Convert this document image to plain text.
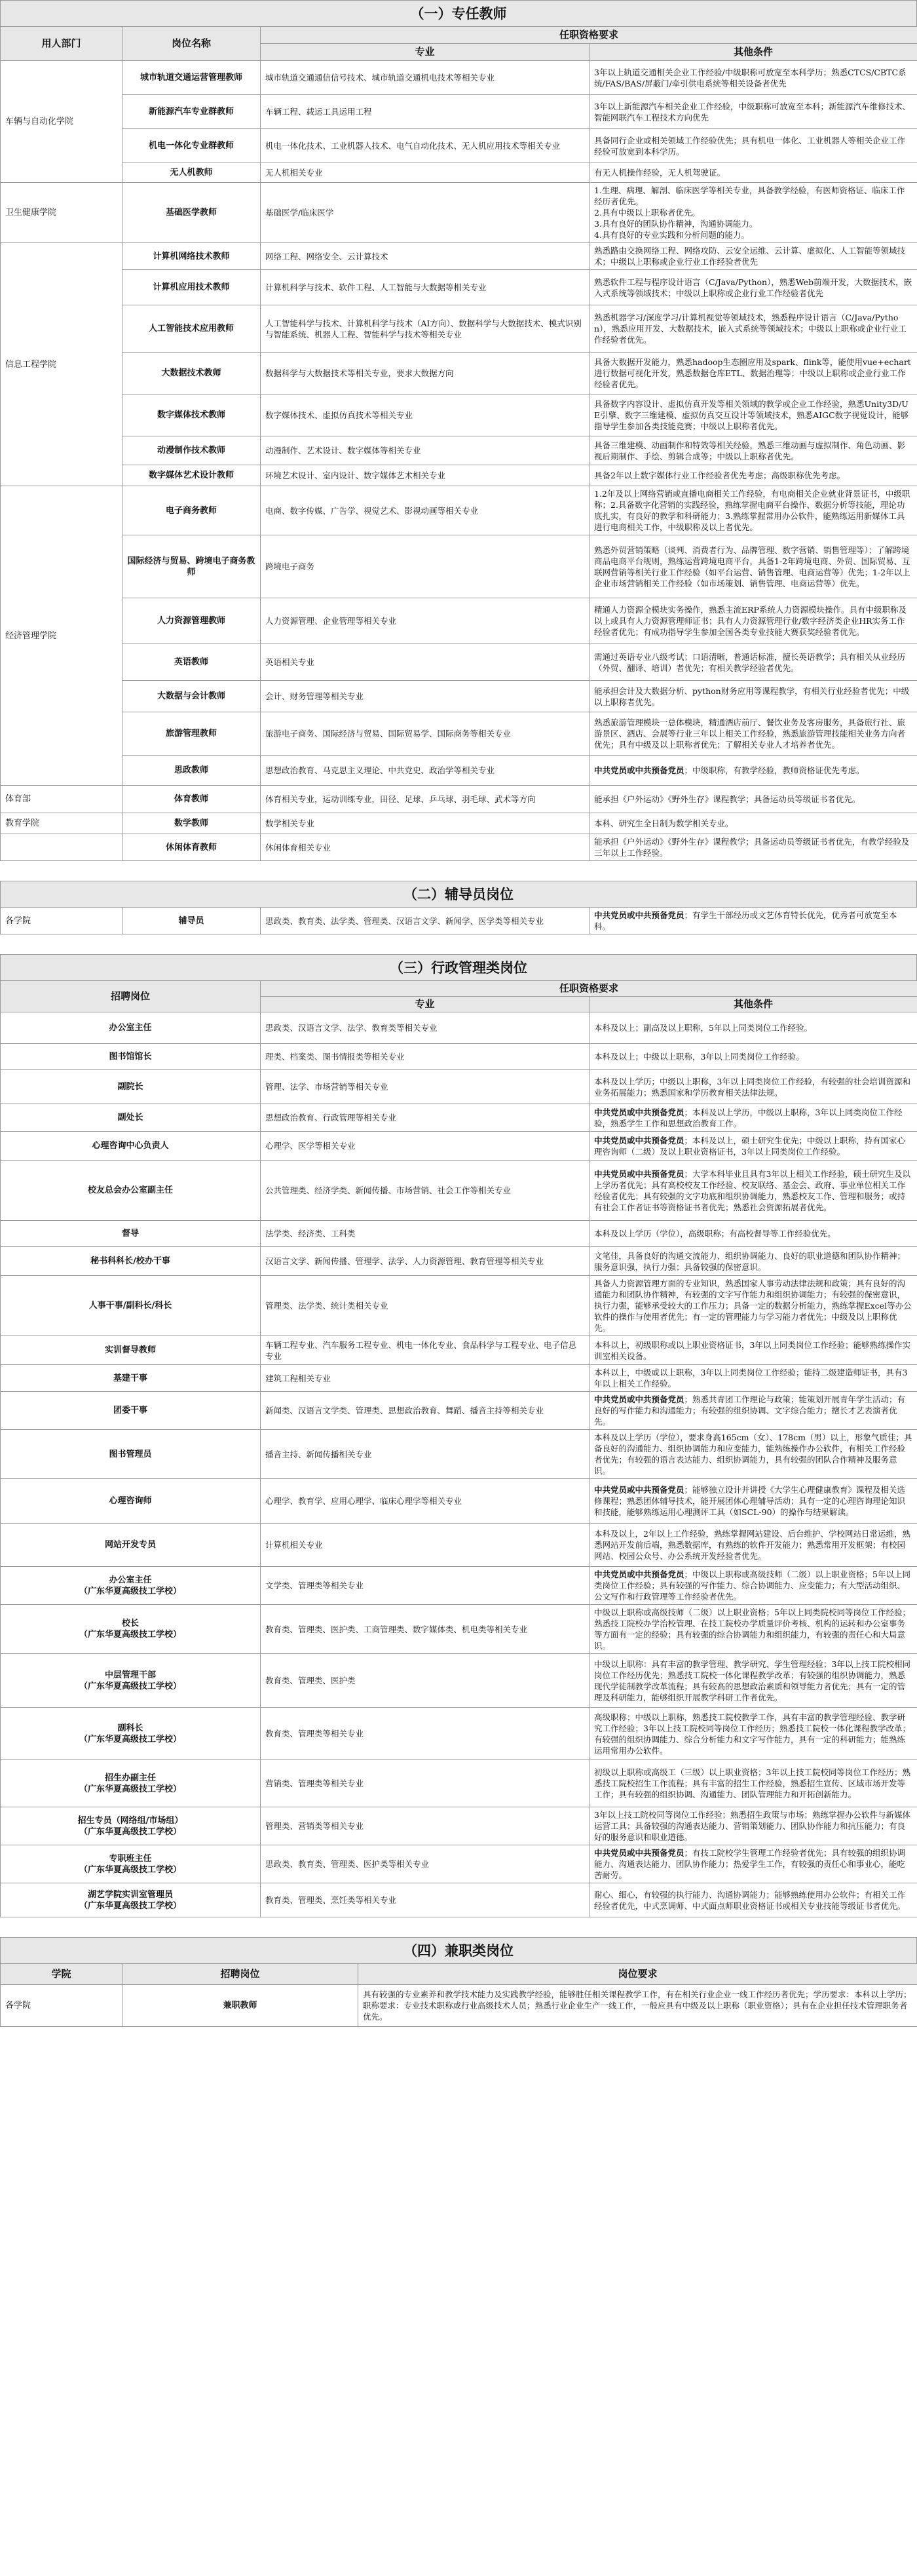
（一）专任教师
用人部门	岗位名称	任职资格要求	
		专业	其他条件
车辆与自动化学院	城市轨道交通运营管理教师	城市轨道交通通信信号技术、城市轨道交通机电技术等相关专业	3年以上轨道交通相关企业工作经验/中级职称可放宽至本科学历；熟悉CTCS/CBTC系统/FAS/BAS/屏蔽门/牵引供电系统等相关设备者优先
	新能源汽车专业群教师	车辆工程、载运工具运用工程	3年以上新能源汽车相关企业工作经验，中级职称可放宽至本科；新能源汽车维修技术、智能网联汽车工程技术方向优先
	机电一体化专业群教师	机电一体化技术、工业机器人技术、电气自动化技术、无人机应用技术等相关专业	具备同行企业或相关领域工作经验优先；具有机电一体化、工业机器人等相关企业工作经验可放宽到本科学历。
	无人机教师	无人机相关专业	有无人机操作经验，无人机驾驶证。
卫生健康学院	基础医学教师	基础医学/临床医学	1.生理、病理、解剖、临床医学等相关专业，具备教学经验，有医师资格证、临床工作经历者优先。
2.具有中级以上职称者优先。
3.具有良好的团队协作精神，沟通协调能力。
4.具有良好的专业实践和分析问题的能力。
信息工程学院	计算机网络技术教师	网络工程、网络安全、云计算技术	熟悉路由交换网络工程、网络攻防、云安全运维、云计算、虚拟化、人工智能等领域技术；中级以上职称或企业行业工作经验者优先
	计算机应用技术教师	计算机科学与技术、软件工程、人工智能与大数据等相关专业	熟悉软件工程与程序设计语言（C/Java/Python），熟悉Web前端开发，大数据技术，嵌入式系统等领域技术；中级以上职称或企业行业工作经验者优先
	人工智能技术应用教师	人工智能科学与技术、计算机科学与技术（AI方向）、数据科学与大数据技术、模式识别与智能系统、机器人工程、智能科学与技术等相关专业	熟悉机器学习/深度学习/计算机视觉等领域技术，熟悉程序设计语言（C/Java/Python），熟悉应用开发、大数据技术，嵌入式系统等领域技术；中级以上职称或企业行业工作经验者优先。
	大数据技术教师	数据科学与大数据技术等相关专业，要求大数据方向	具备大数据开发能力，熟悉hadoop生态圈应用及spark、flink等，能使用vue+echart进行数据可视化开发，熟悉数据仓库ETL、数据治理等；中级以上职称或企业行业工作经验者优先。
	数字媒体技术教师	数字媒体技术、虚拟仿真技术等相关专业	具备数字内容设计、虚拟仿真开发等相关领域的教学或企业工作经验，熟悉Unity3D/UE引擎、数字三维建模、虚拟仿真交互设计等领域技术，熟悉AIGC数字视觉设计，能够指导学生参加各类技能竞赛；中级以上职称者优先。
	动漫制作技术教师	动漫制作、艺术设计、数字媒体等相关专业	具备三维建模、动画制作和特效等相关经验，熟悉三维动画与虚拟制作、角色动画、影视后期制作、手绘、剪辑合成等；中级以上职称者优先。
	数字媒体艺术设计教师	环境艺术设计、室内设计、数字媒体艺术相关专业	具备2年以上数字媒体行业工作经验者优先考虑；高级职称优先考虑。
经济管理学院	电子商务教师	电商、数字传媒、广告学、视觉艺术、影视动画等相关专业	1.2年及以上网络营销或直播电商相关工作经验，有电商相关企业就业背景证书，中级职称；2.具备数字化营销的实践经验，熟练掌握电商平台操作、数据分析等技能，理论功底扎实，有良好的教学和科研能力；3.熟练掌握常用办公软件，能熟练运用新媒体工具进行电商相关工作，中级职称及以上者优先。
	国际经济与贸易、跨境电子商务教师	跨境电子商务	熟悉外贸营销策略（谈判、消费者行为、品牌管理、数字营销、销售管理等）；了解跨境商品电商平台规则，熟练运营跨境电商平台，具备1-2年跨境电商、外贸、国际贸易、互联网营销等相关行业工作经验（如平台运营、销售管理、电商运营等）优先；1-2年以上企业市场营销相关工作经验（如市场策划、销售管理、电商运营等）优先。
	人力资源管理教师	人力资源管理、企业管理等相关专业	精通人力资源全模块实务操作，熟悉主流ERP系统人力资源模块操作。具有中级职称及以上或具有人力资源管理师证书；具有人力资源管理行业/数字经济类企业HR实务工作经验者优先；有成功指导学生参加全国各类专业技能大赛获奖经验者优先。
	英语教师	英语相关专业	需通过英语专业八级考试；口语清晰，普通话标准，擅长英语教学；具有相关从业经历（外贸、翻译、培训）者优先；有相关教学经验者优先。
	大数据与会计教师	会计、财务管理等相关专业	能承担会计及大数据分析、python财务应用等课程教学，有相关行业经验者优先；中级以上职称者优先。
	旅游管理教师	旅游电子商务、国际经济与贸易、国际贸易学、国际商务等相关专业	熟悉旅游管理模块一总体模块，精通酒店前厅、餐饮业务及客房服务，具备旅行社、旅游景区、酒店、会展等行业三年以上相关工作经验，熟悉旅游管理技能相关业务方向者优先；具有中级及以上职称者优先；了解相关专业人才培养者优先。
	思政教师	思想政治教育、马克思主义理论、中共党史、政治学等相关专业	中共党员或中共预备党员；中级职称，有教学经验，教师资格证优先考虑。
体育部	体育教师	体育相关专业，运动训练专业，田径、足球、乒乓球、羽毛球、武术等方向	能承担《户外运动》《野外生存》课程教学；具备运动员等级证书者优先。
教育学院	数学教师	数学相关专业	本科、研究生全日制为数学相关专业。
	休闲体育教师	休闲体育相关专业	能承担《户外运动》《野外生存》课程教学；具备运动员等级证书者优先，有教学经验及三年以上工作经验。
（二）辅导员岗位
各学院	辅导员	思政类、教育类、法学类、管理类、汉语言文学、新闻学、医学类等相关专业	中共党员或中共预备党员；有学生干部经历或文艺体育特长优先，优秀者可放宽至本科。
（三）行政管理类岗位
招聘岗位	任职资格要求	
	专业	其他条件
办公室主任	思政类、汉语言文学、法学、教育类等相关专业	本科及以上；副高及以上职称，5年以上同类岗位工作经验。
图书馆馆长	理类、档案类、图书情报类等相关专业	本科及以上；中级以上职称，3年以上同类岗位工作经验。
副院长	管理、法学、市场营销等相关专业	本科及以上学历；中级以上职称，3年以上同类岗位工作经验，有较强的社会培训资源和业务拓展能力；熟悉国家和学历教育相关法律法规。
副处长	思想政治教育、行政管理等相关专业	中共党员或中共预备党员；本科及以上学历，中级以上职称，3年以上同类岗位工作经验，熟悉学生工作和思想政治教育工作。
心理咨询中心负责人	心理学、医学等相关专业	中共党员或中共预备党员；本科及以上，硕士研究生优先；中级以上职称，持有国家心理咨询师（二级）及以上职业资格证书，3年以上同类岗位工作经验。
校友总会办公室副主任	公共管理类、经济学类、新闻传播、市场营销、社会工作等相关专业	中共党员或中共预备党员；大学本科毕业且具有3年以上相关工作经验，硕士研究生及以上学历者优先；具有高校校友工作经验、校友联络、基金会、政府、事业单位相关工作经验者优先；具有较强的文字功底和组织协调能力，熟悉校友工作、管理和服务；或持有社会工作者证书等资格证书者优先；熟悉社会资源拓展者优先。
督导	法学类、经济类、工科类	本科及以上学历（学位），高级职称；有高校督导等工作经验优先。
秘书科科长/校办干事	汉语言文学、新闻传播、管理学、法学、人力资源管理、教育管理等相关专业	文笔佳，具备良好的沟通交流能力、组织协调能力、良好的职业道德和团队协作精神；服务意识强，执行力强；具备较强的保密意识。
人事干事/副科长/科长	管理类、法学类、统计类相关专业	具备人力资源管理方面的专业知识，熟悉国家人事劳动法律法规和政策；具有良好的沟通能力和团队协作精神，有较强的文字写作能力和组织协调能力；有较强的保密意识，执行力强，能够承受较大的工作压力；具备一定的数据分析能力，熟练掌握Excel等办公软件的操作与使用者优先；有一定的管理能力与学习能力者优先；中级及以上职称优先。
实训督导教师	车辆工程专业、汽车服务工程专业、机电一体化专业、食品科学与工程专业、电子信息专业	本科以上，初级职称或以上职业资格证书，3年以上同类岗位工作经验；能够熟练操作实训室相关设备。
基建干事	建筑工程相关专业	本科以上，中级或以上职称，3年以上同类岗位工作经验；能持二级建造师证书，具有3年以上相关工作经验。
团委干事	新闻类、汉语言文学类、管理类、思想政治教育、舞蹈、播音主持等相关专业	中共党员或中共预备党员；熟悉共青团工作理论与政策；能策划开展青年学生活动；有良好的写作能力和沟通能力；有较强的组织协调、文字综合能力；擅长才艺表演者优先。
图书管理员	播音主持、新闻传播相关专业	本科及以上学历（学位），要求身高165cm（女）、178cm（男）以上，形象气质佳；具备良好的沟通能力、组织协调能力和应变能力，能熟练操作办公软件，有相关工作经验者优先；有较强的语言表达能力、组织协调能力，具有较强的团队合作精神及服务意识。
心理咨询师	心理学、教育学、应用心理学、临床心理学等相关专业	中共党员或中共预备党员；能够独立设计并讲授《大学生心理健康教育》课程及相关选修课程；熟悉团体辅导技术，能开展团体心理辅导活动；具有一定的心理咨询理论知识和技能，能够熟练运用心理测评工具（如SCL-90）的操作与结果解读。
网站开发专员	计算机相关专业	本科及以上，2年以上工作经验，熟练掌握网站建设、后台维护、学校网站日常运维，熟悉网站开发前后端，熟悉数据库，有熟练的软件开发能力；熟悉常用开发框架；有校园网站、校园公众号、办公系统开发经验者优先。
办公室主任
（广东华夏高级技工学校）	文学类、管理类等相关专业	中共党员或中共预备党员；中级以上职称或高级技师（二级）以上职业资格；5年以上同类岗位工作经验；具有较强的写作能力、综合协调能力、应变能力；有大型活动组织、公文写作和行政管理等工作经验者优先。
校长
（广东华夏高级技工学校）	教育类、管理类、医护类、工商管理类、数字媒体类、机电类等相关专业	中级以上职称或高级技师（二级）以上职业资格；5年以上同类院校同等岗位工作经验；熟悉技工院校办学治校管理、在技工院校办学质量评价考核、机构的运转和办公室事务等方面有一定的经验；具有较强的综合协调能力和组织能力，有较强的责任心和大局意识。
中层管理干部
（广东华夏高级技工学校）	教育类、管理类、医护类	中级以上职称：具有丰富的教学管理、教学研究、学生管理经验；3年以上技工院校相同岗位工作经历优先；熟悉技工院校一体化课程教学改革；有较强的组织协调能力，熟悉现代学徒制教学改革流程；具有较高的思想政治素质和领导能力者优先；具有一定的管理及科研能力，能够组织开展教学科研工作者优先。
副科长
（广东华夏高级技工学校）	教育类、管理类等相关专业	高级职称；中级以上职称，熟悉技工院校教学工作，具有丰富的教学管理经验、教学研究工作经验；3年以上技工院校同等岗位工作经历；熟悉技工院校一体化课程教学改革；有较强的组织协调能力、综合分析能力和文字写作能力，具有一定的科研能力；能熟练运用常用办公软件。
招生办副主任
（广东华夏高级技工学校）	营销类、管理类等相关专业	初级以上职称或高级工（三级）以上职业资格；3年以上技工院校同等岗位工作经历；熟悉技工院校招生工作流程；具有丰富的招生工作经验，熟悉招生宣传、区域市场开发等工作；具有较强的组织协调、沟通能力、团队管理能力和开拓创新能力。
招生专员（网络组/市场组）
（广东华夏高级技工学校）	管理类、营销类等相关专业	3年以上技工院校同等岗位工作经验；熟悉招生政策与市场；熟练掌握办公软件与新媒体运营工具；具备较强的沟通表达能力、营销策划能力、团队协作能力和抗压能力；有良好的服务意识和职业道德。
专职班主任
（广东华夏高级技工学校）	思政类、教育类、管理类、医护类等相关专业	中共党员或中共预备党员；有技工院校学生管理工作经验者优先；具有较强的组织协调能力、沟通表达能力、团队协作能力；热爱学生工作，有较强的责任心和事业心，能吃苦耐劳。
湖艺学院实训室管理员
（广东华夏高级技工学校）	教育类、管理类、烹饪类等相关专业	耐心、细心，有较强的执行能力、沟通协调能力；能够熟练使用办公软件；有相关工作经验者优先，中式烹调师、中式面点师职业资格证书或相关专业技能等级证书者优先。
（四）兼职类岗位
学院	招聘岗位	岗位要求
各学院	兼职教师	具有较强的专业素养和教学技术能力及实践教学经验，能够胜任相关课程教学工作，有在相关行业企业一线工作经历者优先；学历要求：本科以上学历；职称要求：专业技术职称或行业高级技术人员；熟悉行业企业生产一线工作，一般应具有中级及以上职称（职业资格）；具有在企业担任技术管理职务者优先。
